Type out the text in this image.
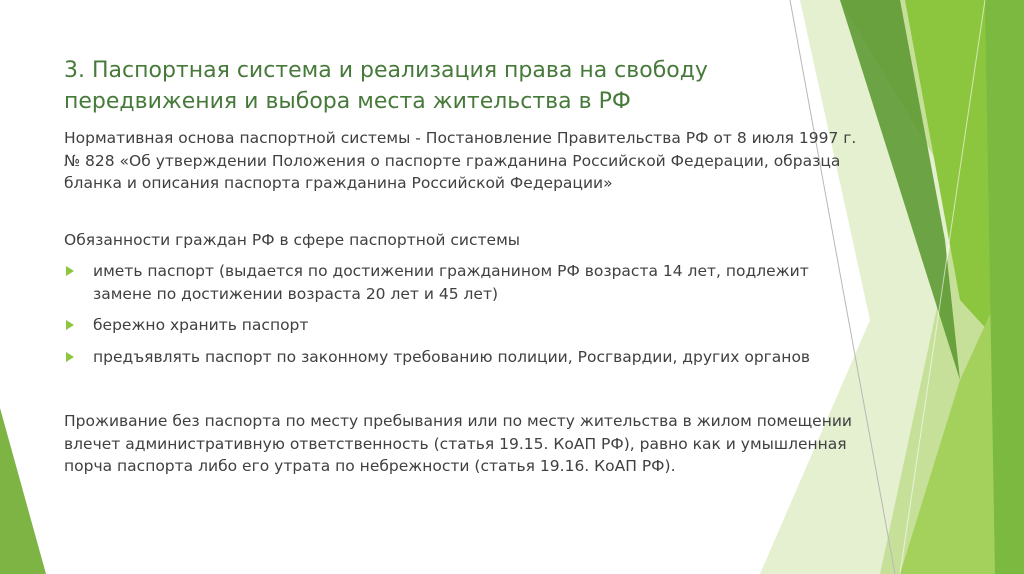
3. Паспортная система и реализация права на свободу передвижения и выбора места жительства в РФ

Нормативная основа паспортной системы - Постановление Правительства РФ от 8 июля 1997 г. № 828 «Об утверждении Положения о паспорте гражданина Российской Федерации, образца бланка и описания паспорта гражданина Российской Федерации»

Обязанности граждан РФ в сфере паспортной системы

иметь паспорт (выдается по достижении гражданином РФ возраста 14 лет, подлежит замене по достижении возраста 20 лет и 45 лет)
бережно хранить паспорт
предъявлять паспорт по законному требованию полиции, Росгвардии, других органов

Проживание без паспорта по месту пребывания или по месту жительства в жилом помещении влечет административную ответственность (статья 19.15. КоАП РФ), равно как и умышленная порча паспорта либо его утрата по небрежности (статья 19.16. КоАП РФ).
